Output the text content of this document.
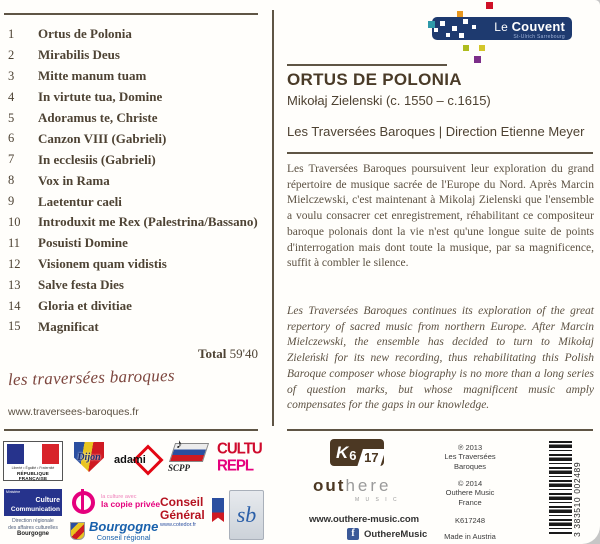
1	Ortus de Polonia
2	Mirabilis Deus
3	Mitte manum tuam
4	In virtute tua, Domine
5	Adoramus te, Christe
6	Canzon VIII (Gabrieli)
7	In ecclesiis (Gabrieli)
8	Vox in Rama
9	Laetentur caeli
10	Introduxit me Rex (Palestrina/Bassano)
11	Posuisti Domine
12	Visionem quam vidistis
13	Salve festa Dies
14	Gloria et divitiae
15	Magnificat
Total 59'40
les traversées baroques
www.traversees-baroques.fr
Le Couvent
St-Ulrich Sarrebourg
ORTUS DE POLONIA
Mikołaj Zielenski (c. 1550 – c.1615)
Les Traversées Baroques | Direction Etienne Meyer
Les Traversées Baroques poursuivent leur exploration du grand répertoire de musique sacrée de l'Europe du Nord. Après Marcin Mielczewski, c'est maintenant à Mikolaj Zielenski que l'ensemble a voulu consacrer cet enregistrement, réhabilitant ce compositeur baroque polonais dont la vie n'est qu'une longue suite de points d'interrogation mais dont toute la musique, par sa magnificence, suffit à combler le silence.
Les Traversées Baroques continues its exploration of the great repertory of sacred music from northern Europe. After Marcin Mielczewski, the ensemble has decided to turn to Mikołaj Zieleński for its new recording, thus rehabilitating this Polish Baroque composer whose biography is no more than a long series of question marks, but whose magnificent music amply compensates for the gaps in our knowledge.
Liberté • Égalité • Fraternité
RÉPUBLIQUE FRANÇAISE
Ministère
Culture
Communication
Direction régionale
des affaires culturelles
Bourgogne
Dijon	adami
♪
SCPP
CULTU
REPL
la culture avec
la copie privée Conseil
Général
www.cotedor.fr
Bourgogne
Conseil régional
sb
K 6 17
outhere
M U S I C
www.outhere-music.com
f OuthereMusic
℗ 2013
Les Traversées
Baroques
© 2014
Outhere Music
France
K617248
Made in Austria	3 383510 002489
